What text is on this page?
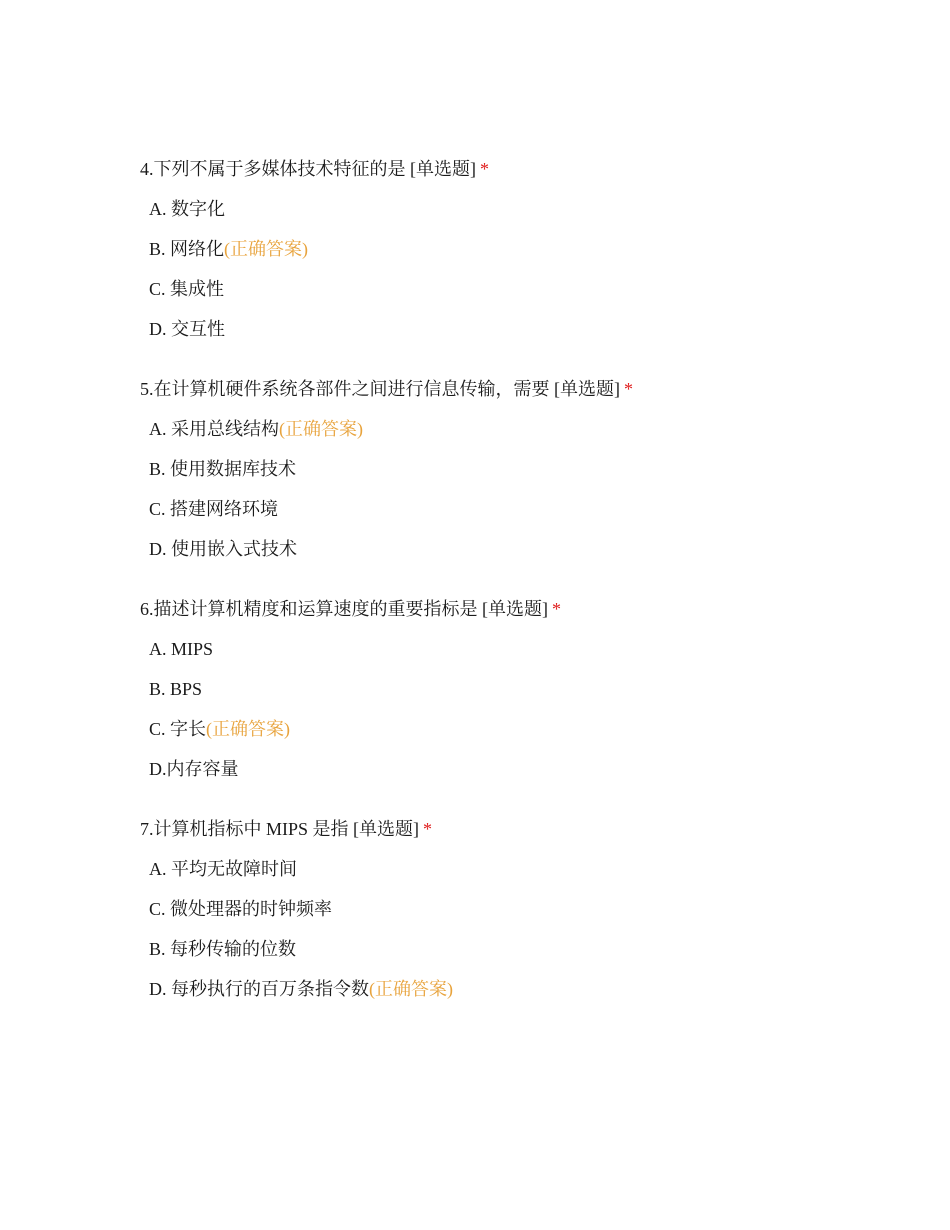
4.下列不属于多媒体技术特征的是 [单选题] *
A. 数字化
B. 网络化(正确答案)
C. 集成性
D. 交互性
5.在计算机硬件系统各部件之间进行信息传输，需要 [单选题] *
A. 采用总线结构(正确答案)
B. 使用数据库技术
C. 搭建网络环境
D. 使用嵌入式技术
6.描述计算机精度和运算速度的重要指标是 [单选题] *
A. MIPS
B. BPS
C. 字长(正确答案)
D.内存容量
7.计算机指标中 MIPS 是指 [单选题] *
A. 平均无故障时间
C. 微处理器的时钟频率
B. 每秒传输的位数
D. 每秒执行的百万条指令数(正确答案)
